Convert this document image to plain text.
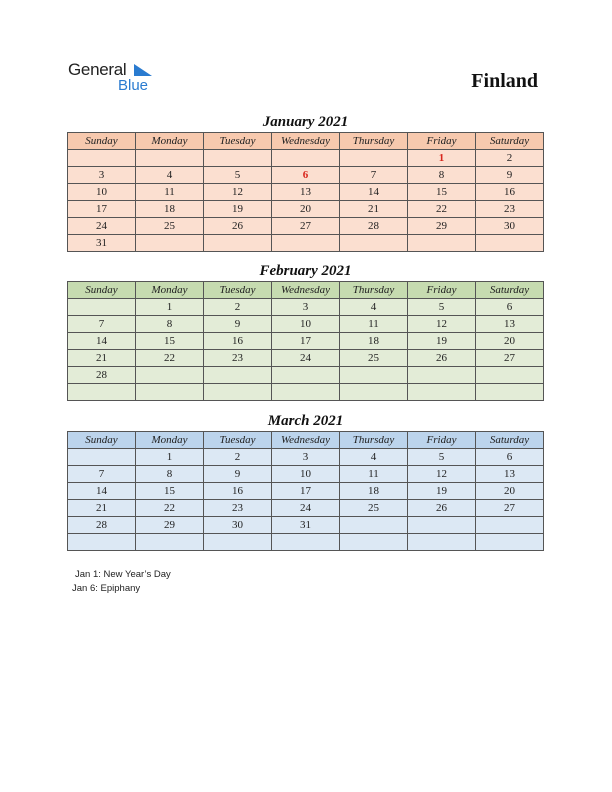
General
Blue	Finland
January 2021
Sunday	Monday	Tuesday	Wednesday	Thursday	Friday	Saturday
					1	2
3	4	5	6	7	8	9
10	11	12	13	14	15	16
17	18	19	20	21	22	23
24	25	26	27	28	29	30
31						
February 2021
Sunday	Monday	Tuesday	Wednesday	Thursday	Friday	Saturday
	1	2	3	4	5	6
7	8	9	10	11	12	13
14	15	16	17	18	19	20
21	22	23	24	25	26	27
28						

March 2021
Sunday	Monday	Tuesday	Wednesday	Thursday	Friday	Saturday
	1	2	3	4	5	6
7	8	9	10	11	12	13
14	15	16	17	18	19	20
21	22	23	24	25	26	27
28	29	30	31			

Jan 1: New Year’s Day
Jan 6: Epiphany
